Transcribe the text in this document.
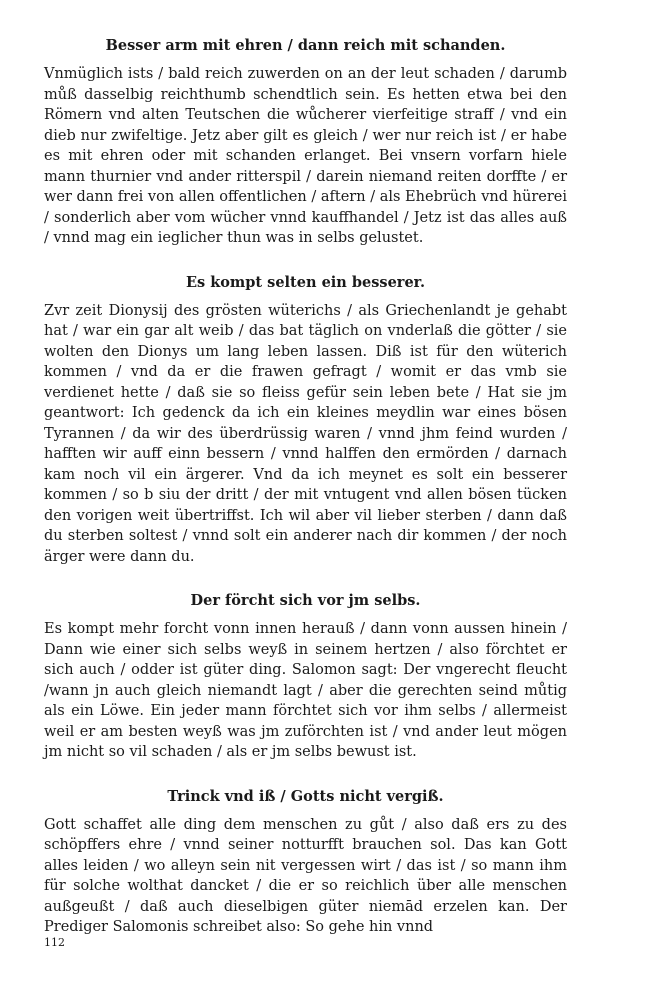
Besser arm mit ehren / dann reich mit schanden.

Vnmüglich ists / bald reich zuwerden on an der leut schaden / darumb můß dasselbig reichthumb schendtlich sein. Es hetten etwa bei den Römern vnd alten Teutschen die wůcherer vierfeitige straff / vnd ein dieb nur zwifeltige. Jetz aber gilt es gleich / wer nur reich ist / er habe es mit ehren oder mit schanden erlanget. Bei vnsern vorfarn hiele mann thurnier vnd ander ritterspil / darein niemand reiten dorffte / er wer dann frei von allen offentlichen / aftern / als Ehebrüch vnd hürerei / sonderlich aber vom wücher vnnd kauffhandel / Jetz ist das alles auß / vnnd mag ein ieglicher thun was in selbs gelustet.

Es kompt selten ein besserer.

Zvr zeit Dionysij des grösten wüterichs / als Griechenlandt je gehabt hat / war ein gar alt weib / das bat täglich on vnderlaß die götter / sie wolten den Dionys um lang leben lassen. Diß ist für den wüterich kommen / vnd da er die frawen gefragt / womit er das vmb sie verdienet hette / daß sie so fleiss gefür sein leben bete / Hat sie jm geantwort: Ich gedenck da ich ein kleines meydlin war eines bösen Tyrannen / da wir des überdrüssig waren / vnnd jhm feind wurden / hafften wir auff einn bessern / vnnd halffen den ermörden / darnach kam noch vil ein ärgerer. Vnd da ich meynet es solt ein besserer kommen / so b siu der dritt / der mit vntugent vnd allen bösen tücken den vorigen weit übertriffst. Ich wil aber vil lieber sterben / dann daß du sterben soltest / vnnd solt ein anderer nach dir kommen / der noch ärger were dann du.

Der förcht sich vor jm selbs.

Es kompt mehr forcht vonn innen herauß / dann vonn aussen hinein / Dann wie einer sich selbs weyß in seinem hertzen / also förchtet er sich auch / odder ist güter ding. Salomon sagt: Der vngerecht fleucht /wann jn auch gleich niemandt lagt / aber die gerechten seind můtig als ein Löwe. Ein jeder mann förchtet sich vor ihm selbs / allermeist weil er am besten weyß was jm zuförchten ist / vnd ander leut mögen jm nicht so vil schaden / als er jm selbs bewust ist.

Trinck vnd iß / Gotts nicht vergiß.

Gott schaffet alle ding dem menschen zu gůt / also daß ers zu des schöpffers ehre / vnnd seiner notturfft brauchen sol. Das kan Gott alles leiden / wo alleyn sein nit vergessen wirt / das ist / so mann ihm für solche wolthat dancket / die er so reichlich über alle menschen außgeußt / daß auch dieselbigen güter niemād erzelen kan. Der Prediger Salomonis schreibet also: So gehe hin vnnd

112
